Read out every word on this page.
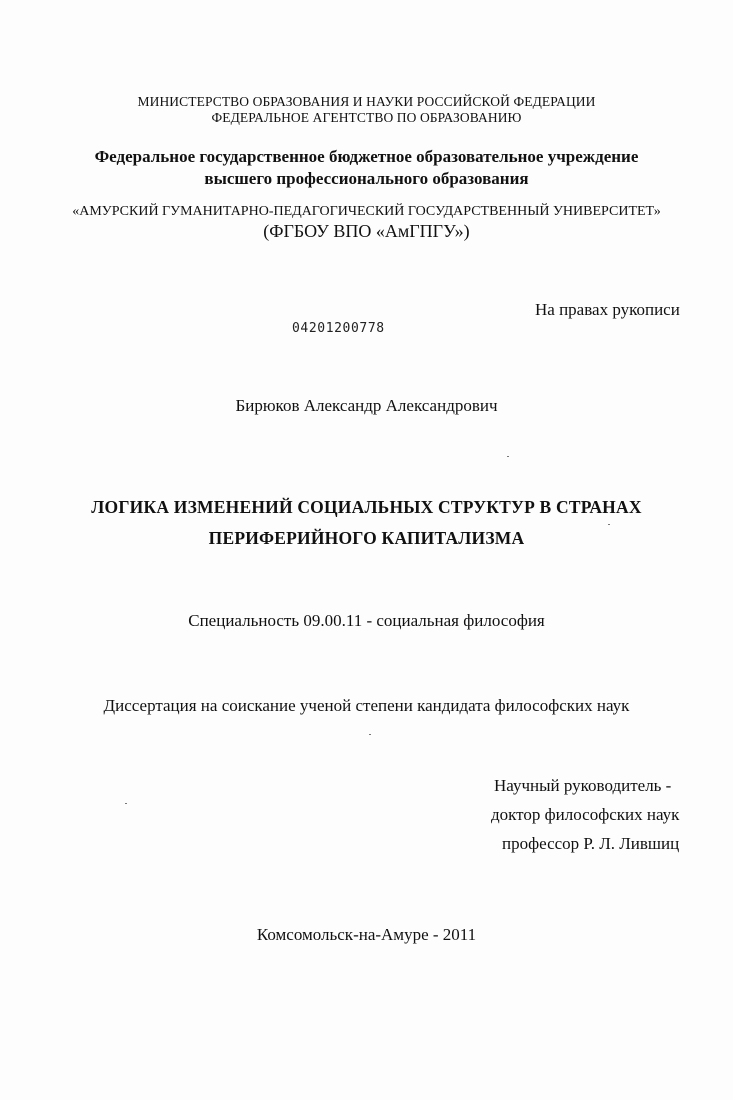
МИНИСТЕРСТВО ОБРАЗОВАНИЯ И НАУКИ РОССИЙСКОЙ ФЕДЕРАЦИИ
ФЕДЕРАЛЬНОЕ АГЕНТСТВО ПО ОБРАЗОВАНИЮ
Федеральное государственное бюджетное образовательное учреждение
высшего профессионального образования
«АМУРСКИЙ ГУМАНИТАРНО-ПЕДАГОГИЧЕСКИЙ ГОСУДАРСТВЕННЫЙ УНИВЕРСИТЕТ»
(ФГБОУ ВПО «АмГПГУ»)
На правах рукописи
04201200778
Бирюков Александр Александрович
ЛОГИКА ИЗМЕНЕНИЙ СОЦИАЛЬНЫХ СТРУКТУР В СТРАНАХ
ПЕРИФЕРИЙНОГО КАПИТАЛИЗМА
Специальность 09.00.11 - социальная философия
Диссертация на соискание ученой степени кандидата философских наук
Научный руководитель -
доктор философских наук
профессор Р. Л. Лившиц
Комсомольск-на-Амуре - 2011
